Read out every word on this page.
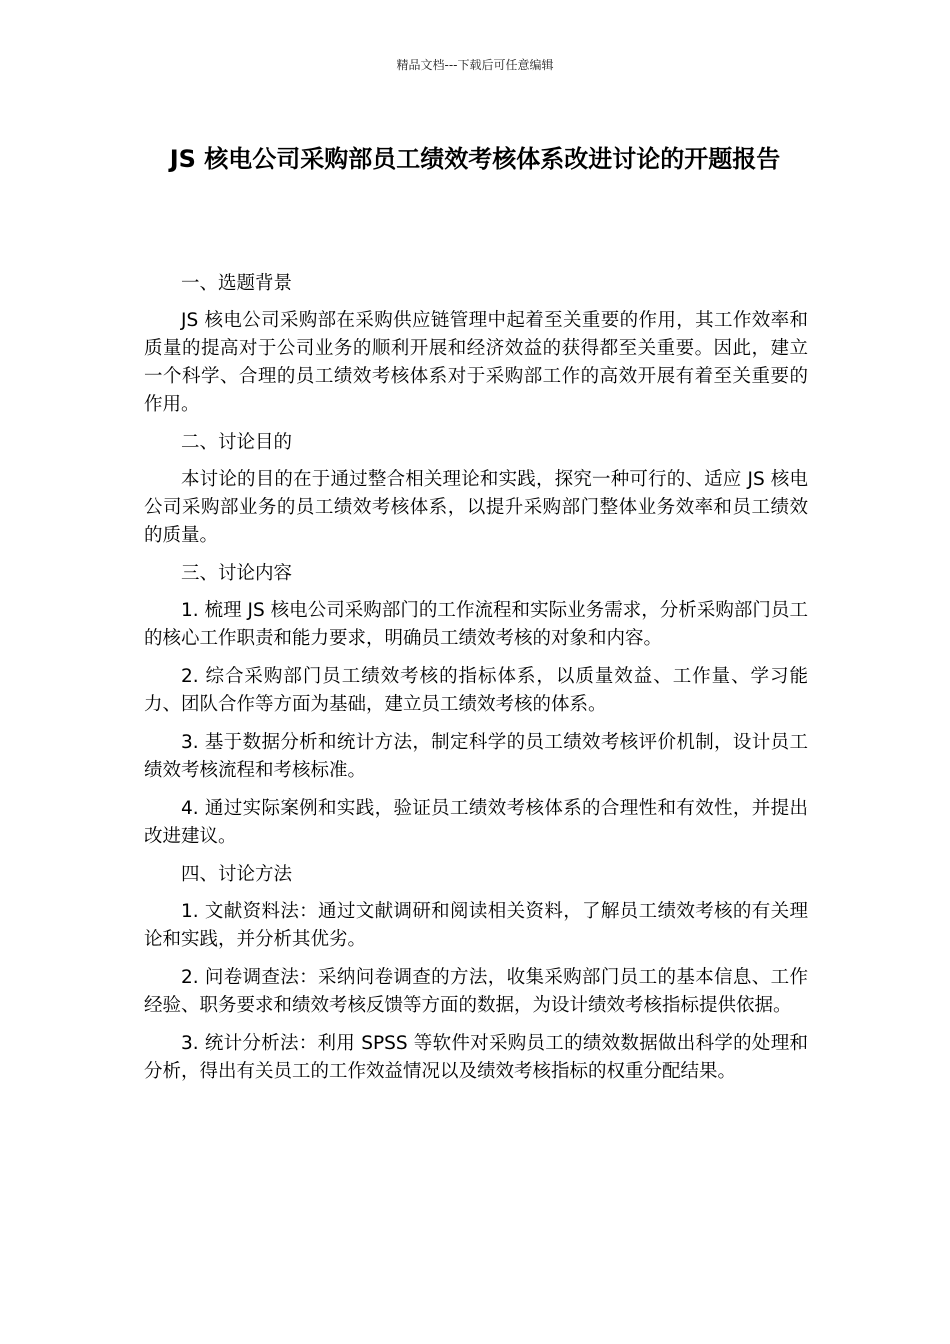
精品文档---下载后可任意编辑
JS 核电公司采购部员工绩效考核体系改进讨论的开题报告

一、选题背景

JS 核电公司采购部在采购供应链管理中起着至关重要的作用，其工作效率和质量的提高对于公司业务的顺利开展和经济效益的获得都至关重要。因此，建立一个科学、合理的员工绩效考核体系对于采购部工作的高效开展有着至关重要的作用。

二、讨论目的

本讨论的目的在于通过整合相关理论和实践，探究一种可行的、适应 JS 核电公司采购部业务的员工绩效考核体系，以提升采购部门整体业务效率和员工绩效的质量。

三、讨论内容

1. 梳理 JS 核电公司采购部门的工作流程和实际业务需求，分析采购部门员工的核心工作职责和能力要求，明确员工绩效考核的对象和内容。

2. 综合采购部门员工绩效考核的指标体系，以质量效益、工作量、学习能力、团队合作等方面为基础，建立员工绩效考核的体系。

3. 基于数据分析和统计方法，制定科学的员工绩效考核评价机制，设计员工绩效考核流程和考核标准。

4. 通过实际案例和实践，验证员工绩效考核体系的合理性和有效性，并提出改进建议。

四、讨论方法

1. 文献资料法：通过文献调研和阅读相关资料，了解员工绩效考核的有关理论和实践，并分析其优劣。

2. 问卷调查法：采纳问卷调查的方法，收集采购部门员工的基本信息、工作经验、职务要求和绩效考核反馈等方面的数据，为设计绩效考核指标提供依据。

3. 统计分析法：利用 SPSS 等软件对采购员工的绩效数据做出科学的处理和分析，得出有关员工的工作效益情况以及绩效考核指标的权重分配结果。
